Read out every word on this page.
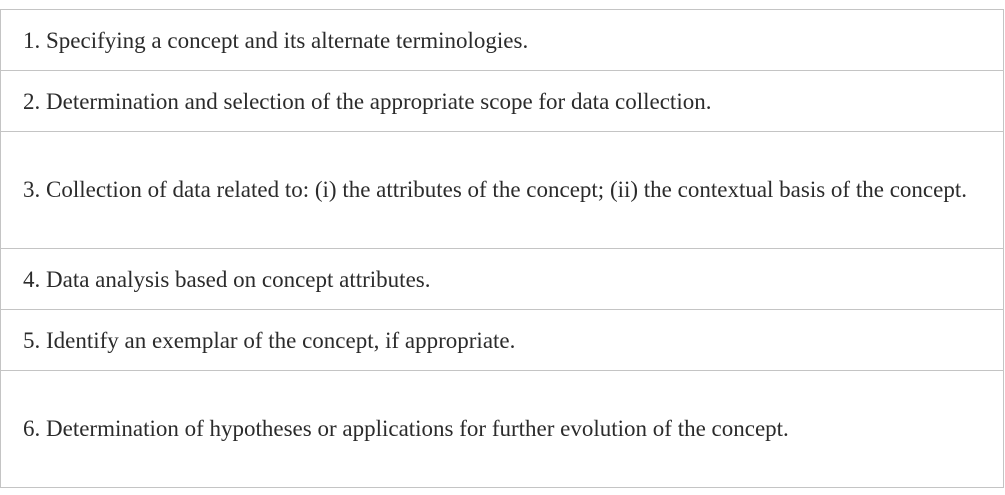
1. Specifying a concept and its alternate terminologies.
2. Determination and selection of the appropriate scope for data collection.
3. Collection of data related to: (i) the attributes of the concept; (ii) the contextual basis of the concept.
4. Data analysis based on concept attributes.
5. Identify an exemplar of the concept, if appropriate.
6. Determination of hypotheses or applications for further evolution of the concept.
